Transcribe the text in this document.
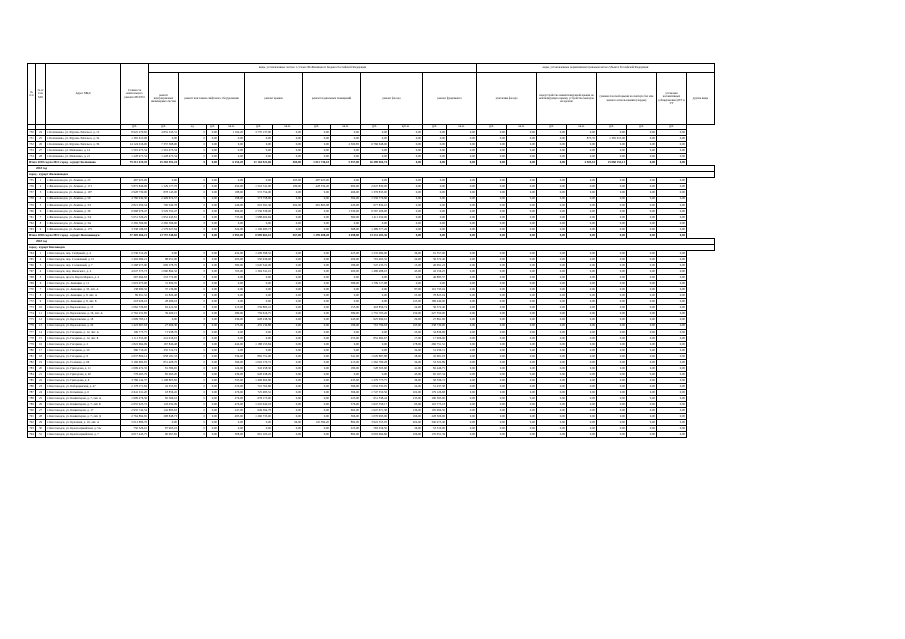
№ п/п	№ п/п по МО	Адрес МКД	Стоимость капитального ремонта ВСЕГО	виды, установленные частью 1 статьи 166 Жилищного Кодекса Российской Федерации												виды, установленные нормативным правовым актом субъекта Российской Федерации							
				ремонт внутридомовых инженерных систем	ремонт или замена лифтового оборудования			ремонт крыши		ремонт подвальных помещений		ремонт фасада		ремонт фундамента		утепление фасада		переустройство невентилируемой крыши на вентилируемую крышу, устройство выходов на кровлю		(замена плоской крыши на скатную без изм ценного использования (чердак)		установка коллективных (общедомовых) ПУ и УУ	другие виды
			руб.	руб.	ед.	руб.	кв.м.	руб.	кв.м.	руб.	кв.м.	руб.	куб.м.	руб.	кв.м.	руб.	кв.м.	руб.	кв.м.	руб.	руб.	руб.	
750	24	г. Колпашево, ул. Фрунзе-Энгельса, д. 15	8 622 279,65	4 852 345,31	0	0,00	1 194,20	3 770 137,00	0,00	0,00	0,00	0,00	0,00	0,00	0,00	0,00	0,00	0,00	0,00	0,00	0,00	0,00	
751	25	г. Колпашево, ул. Фрунзе-Энгельса, д. 32	1 365 615,06	0,00	0	0,00	0,00	0,00	0,00	0,00	0,00	0,00	0,00	0,00	0,00	0,00	0,00	0,00	873,35	1 365 615,00	0,00	0,00	
752	26	г. Колпашево, ул. Фрунзе-Энгельса, д. 39	14 124 016,00	7 357 368,00	0	0,00	0,00	0,00	0,00	0,00	2 300,85	6 766 648,00	0,00	0,00	0,00	0,00	0,00	0,00	0,00	0,00	0,00	0,00	
753	27	г. Колпашево, ул. Шевченко, д. 14	1 591 473,34	1 591 473,34	0	0,00	0,00	0,00	0,00	0,00	0,00	0,00	0,00	0,00	0,00	0,00	0,00	0,00	0,00	0,00	0,00	0,00	
754	28	г. Колпашево, ул. Шевченко, д. 21	1 228 475,34	1 228 475,34	0	0,00	0,00	0,00	0,00	0,00	0,00	0,00	0,00	0,00	0,00	0,00	0,00	0,00	0,00	0,00	0,00	0,00	
Итого 2018 год по МО: город - курорт Колпашево			79 312 419,45	25 265 591,24	0	0,00	6 254,20	21 164 921,06	569,00	1 012 736,18	5 557,00	16 289 964,74	0,00	0,00	0,00	0,00	0,00	0,00	4 505,10	15 060 152,13	0,00	0,00	
2018 год																							
город - курорт Железноводск																							
755	1	г. Железноводск, ул. Ленина, д. 23	487 925,00	0,00	0	0,00	0,00	0,00	295,00	487 925,00	0,00	0,00	0,00	0,00	0,00	0,00	0,00	0,00	0,00	0,00	0,00	0,00	
756	2	г. Железноводск, ул. Ленина, д. 171	5 872 846,96	1 129 177,76	0	0,00	450,00	1 516 741,00	180,00	428 534,20	900,00	2 647 830,00	0,00	0,00	0,00	0,00	0,00	0,00	0,00	0,00	0,00	0,00	
757	3	г. Железноводск, ул. Ленина, д. 107	2 928 730,00	878 143,00	0	0,00	188,00	572 754,00	0,00	0,00	466,00	1 376 835,00	0,00	0,00	0,00	0,00	0,00	0,00	0,00	0,00	0,00	0,00	
758	4	г. Железноводск, ул. Ленина, д. 59	4 760 032,30	2 409 672,57	0	0,00	188,00	573 758,00	0,00	0,00	592,00	1 559 776,66	0,00	0,00	0,00	0,00	0,00	0,00	0,00	0,00	0,00	0,00	
759	5	г. Железноводск, ул. Ленина, д. 3/2	2 821 059,34	700 040,78	0	0,00	246,00	619 591,36	262,00	481 863,08	220,00	677 834,10	0,00	0,00	0,00	0,00	0,00	0,00	0,00	0,00	0,00	0,00	
760	6	г. Железноводск, ул. Ленина, д. 36	6 968 976,47	3 529 352,47	0	0,00	696,00	2 556 536,00	0,00	0,00	1 330,00	6 567 206,00	0,00	0,00	0,00	0,00	0,00	0,00	0,00	0,00	0,00	0,00	
761	7	г. Железноводск, ул. Ленина, д. 3/4	5 051 326,25	1 652 445,81	0	0,00	735,00	1 988 462,84	0,00	0,00	360,00	1 411 450,00	0,00	0,00	0,00	0,00	0,00	0,00	0,00	0,00	0,00	0,00	
762	8	г. Железноводск, ул. Ленина, д. 3А	2 282 396,00	2 282 396,00	0	0,00	0,00	0,00	0,00	0,00	0,00	0,00	0,00	0,00	0,00	0,00	0,00	0,00	0,00	0,00	0,00	0,00	
763	9	г. Железноводск, ул. Ленина, д. 175	3 338 186,03	1 579 927,84	0	0,00	524,00	1 106 483,73	0,00	0,00	368,00	1 489 377,26	0,00	0,00	0,00	0,00	0,00	0,00	0,00	0,00	0,00	0,00	
Итого 2018 год по МО: город - курорт Железноводск			37 405 466,21	13 757 548,65	0	0,00	2 993,00	8 989 663,10	567,00	1 399 408,28	4 498,00	13 231 203,36	0,00	0,00	0,00	0,00	0,00	0,00	0,00	0,00	0,00	0,00	
2018 год																							
город - курорт Кисловодск																							
764	1	г. Кисловодск, пер. Сапёрный, д. 4	2 536 312,29	0,00	0	0,00	432,00	1 209 598,32	0,00	0,00	425,00	1 235 084,00	36,00	91 557,00	0,00	0,00	0,00	0,00	0,00	0,00	0,00	0,00	
765	2	г. Кисловодск, пер. Солнечный, д. 15	1 402 084,21	88 951,00	0	0,00	203,00	550 936,00	0,00	0,00	209,00	791 465,32	24,00	36 572,40	0,00	0,00	0,00	0,00	0,00	0,00	0,00	0,00	
766	3	г. Кисловодск, пер. Солнечный, д. 7	2 268 975,90	609 378,76	0	0,00	380,00	1 020 342,00	0,00	0,00	186,00	547 233,72	15,00	46 991,22	0,00	0,00	0,00	0,00	0,00	0,00	0,00	0,00	
767	4	г. Кисловодск, пер. Яновского, д. 4	4 047 373,73	1 060 894,32	0	0,00	703,00	1 394 541,01	0,00	0,00	200,00	1 489 488,10	43,00	42 156,25	0,00	0,00	0,00	0,00	0,00	0,00	0,00	0,00	
768	5	г. Кисловодск, просп. Карла Маркса, д. 4	267 494,63	253 772,00	0	0,00	0,00	0,00	0,00	0,00	0,00	0,00	0,00	46 883,37	0,00	0,00	0,00	0,00	0,00	0,00	0,00	0,00	
769	6	г. Кисловодск, ул. Авиации, д. 11	1 919 973,00	31 659,35	0	0,00	0,00	0,00	0,00	0,00	586,00	1 799 117,98	0,00	0,00	0,00	0,00	0,00	0,00	0,00	0,00	0,00	0,00	
770	7	г. Кисловодск, ул. Авиации, д. 33, лит. А	138 690,32	37 136,96	0	0,00	0,00	0,00	0,00	0,00	0,00	0,00	87,00	101 733,04	0,00	0,00	0,00	0,00	0,00	0,00	0,00	0,00	
771	8	г. Кисловодск, ул. Авиации, д. 8, лит. А	89 651,52	10 826,48	0	0,00	0,00	0,00	0,00	0,00	0,00	0,00	55,00	78 825,04	0,00	0,00	0,00	0,00	0,00	0,00	0,00	0,00	
772	9	г. Кисловодск, ул. Авиации, д. 8, лит. Б	218 926,16	28 486,16	0	0,00	0,00	0,00	0,00	0,00	0,00	0,00	125,00	189 440,00	0,00	0,00	0,00	0,00	0,00	0,00	0,00	0,00	
773	10	г. Кисловодск, ул. Березовская, д. 13	1 062 726,83	62 412,56	0	0,00	213,00	559 885,41	0,00	0,00	155,00	403 856,74	24,00	36 572,40	0,00	0,00	0,00	0,00	0,00	0,00	0,00	0,00	
774	11	г. Кисловодск, ул. Березовская, д. 16, лит. А	2 762 231,85	39 409,15	0	0,00	289,00	759 616,75	0,00	0,00	589,00	1 755 703,20	159,00	227 550,00	0,00	0,00	0,00	0,00	0,00	0,00	0,00	0,00	
775	12	г. Кисловодск, ул. Березовская, д. 18	1 699 785,13	0,00	0	0,00	239,00	628 238,39	0,00	0,00	243,00	625 990,91	29,00	27 891,00	0,00	0,00	0,00	0,00	0,00	0,00	0,00	0,00	
776	13	г. Кисловодск, ул. Березовская, д. 20	1 422 667,93	27 006,30	0	0,00	173,00	455 134,86	0,00	0,00	186,00	701 796,93	165,00	238 730,00	0,00	0,00	0,00	0,00	0,00	0,00	0,00	0,00	
777	14	г. Кисловодск, ул. Гагарина, д. 12, лит. А	106 775,75	71 938,76	0	0,00	0,00	0,00	0,00	0,00	0,00	0,00	23,00	34 836,99	0,00	0,00	0,00	0,00	0,00	0,00	0,00	0,00	
778	15	г. Кисловодск, ул. Гагарина, д. 12, лит. Б	1 111 555,00	241 916,01	0	0,00	0,00	0,00	0,00	0,00	255,00	852 692,67	17,00	17 006,00	0,00	0,00	0,00	0,00	0,00	0,00	0,00	0,00	
779	16	г. Кисловодск, ул. Гагарина, д. 2	1 822 694,99	167 846,48	0	0,00	442,00	1 188 155,84	0,00	0,00	0,00	0,00	178,00	266 751,52	0,00	0,00	0,00	0,00	0,00	0,00	0,00	0,00	
780	17	г. Кисловодск, ул. Гагарина, д. 20	386 716,45	335 312,74	0	0,00	0,00	0,00	0,00	0,00	0,00	0,00	34,00	51 036,72	0,00	0,00	0,00	0,00	0,00	0,00	0,00	0,00	
781	18	г. Кисловодск, ул. Гагарина, д. 9	2 637 806,14	658 181,33	0	0,00	336,00	882 751,00	0,00	0,00	341,00	1 020 887,88	28,00	45 981,93	0,00	0,00	0,00	0,00	0,00	0,00	0,00	0,00	
782	19	г. Кисловодск, ул. Голенева, д. 66	3 169 682,65	851 408,76	0	0,00	396,00	1 002 170,72	0,00	0,00	413,00	1 262 780,28	34,00	53 322,89	0,00	0,00	0,00	0,00	0,00	0,00	0,00	0,00	
783	20	г. Кисловодск, ул. Гризодова, д. 11	1 099 472,35	81 386,65	0	0,00	124,00	343 258,30	0,00	0,00	180,00	528 505,60	41,00	82 446,75	0,00	0,00	0,00	0,00	0,00	0,00	0,00	0,00	
784	21	г. Кисловодск, ул. Гризодова, д. 20	778 465,79	85 063,20	0	0,00	239,00	628 238,29	0,00	0,00	0,00	0,00	45,00	65 167,34	0,00	0,00	0,00	0,00	0,00	0,00	0,00	0,00	
785	22	г. Кисловодск, ул. Гризодова, д. 6	3 789 142,37	1 108 805,82	0	0,00	335,00	1 406 604,80	0,00	0,00	435,00	1 279 773,75	36,00	56 336,72	0,00	0,00	0,00	0,00	0,00	0,00	0,00	0,00	
786	23	г. Кисловодск, ул. Кабардинская, д. 47	2 178 171,84	42 355,65	0	0,00	270,00	710 762,86	0,00	0,00	396,00	1 032 335,95	24,00	51 237,38	0,00	0,00	0,00	0,00	0,00	0,00	0,00	0,00	
787	24	г. Кисловодск, ул. Катыхина, д. 6	2 641 011,20	18 856,45	0	0,00	276,00	725 485,52	0,00	0,00	596,00	1 747 550,50	102,00	179 126,68	0,00	0,00	0,00	0,00	0,00	0,00	0,00	0,00	
788	25	г. Кисловодск, ул. Коминтерна, д. 7, лит. А	1 609 276,36	82 366,16	0	0,00	276,00	678 175,00	0,00	0,00	223,00	651 338,44	133,00	190 395,00	0,00	0,00	0,00	0,00	0,00	0,00	0,00	0,00	
789	26	г. Кисловодск, ул. Коминтерна, д. 7, лит. Б	2 655 023,72	143 032,09	0	0,00	476,00	1 245 942,18	0,00	0,00	576,00	1 647 558,17	95,00	116 773,18	0,00	0,00	0,00	0,00	0,00	0,00	0,00	0,00	
790	27	г. Кисловодск, ул. Коминтерна, д. 17	2 935 742,34	142 883,63	0	0,00	247,00	649 394,78	0,00	0,00	662,00	1 947 671,38	136,00	195 996,56	0,00	0,00	0,00	0,00	0,00	0,00	0,00	0,00	
791	28	г. Кисловодск, ул. Коминтерна, д. 7, лит. Д	2 764 894,65	298 848,73	0	0,00	485,00	1 260 735,00	0,00	0,00	366,00	1 076 995,96	166,00	228 306,96	0,00	0,00	0,00	0,00	0,00	0,00	0,00	0,00	
792	29	г. Кисловодск, ул. Красивая, д. 16, лит. А	5 012 886,76	0,00	0	0,00	0,00	0,00	96,00	145 384,20	882,00	3 922 353,05	204,00	340 475,40	0,00	0,00	0,00	0,00	0,00	0,00	0,00	0,00	
793	30	г. Кисловодск, ул. Красноармейская, д. 5А	750 326,01	87 905,16	0	0,00	0,00	0,00	0,00	0,00	225,00	583 256,50	26,00	53 510,00	0,00	0,00	0,00	0,00	0,00	0,00	0,00	0,00	
794	31	г. Кисловодск, ул. Красноармейская, д. 7	4 017 443,75	60 067,82	0	0,00	308,00	801 105,22	0,00	0,00	882,00	3 003 694,60	106,00	170 051,39	0,00	0,00	0,00	0,00	0,00	0,00	0,00	0,00	
